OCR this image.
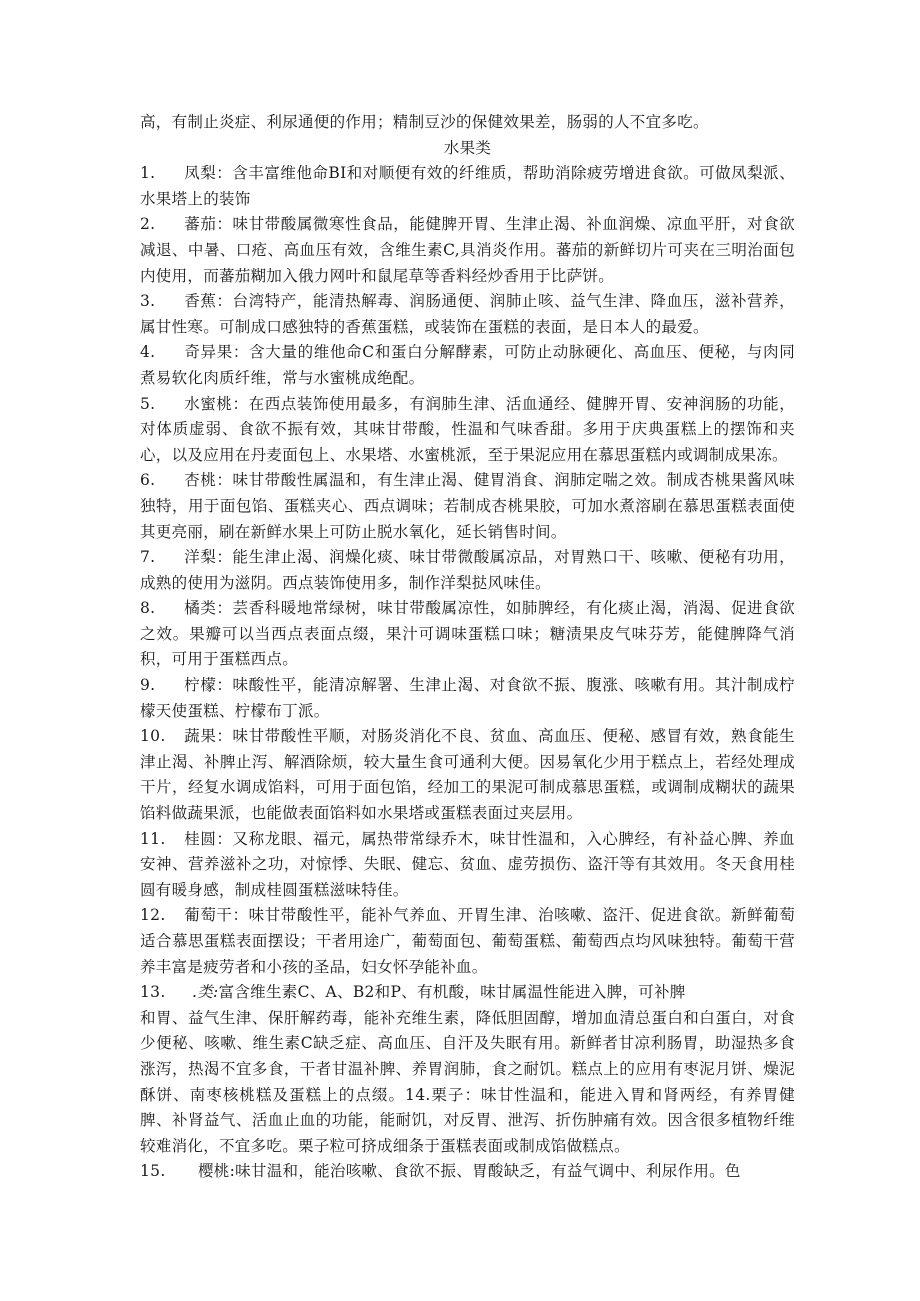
高，有制止炎症、利尿通便的作用；精制豆沙的保健效果差，肠弱的人不宜多吃。

水果类

1. 凤梨：含丰富维他命BI和对顺便有效的纤维质，帮助消除疲劳增进食欲。可做凤梨派、水果塔上的装饰

2. 蕃茄：味甘带酸属微寒性食品，能健脾开胃、生津止渴、补血润燥、凉血平肝，对食欲减退、中暑、口疮、高血压有效，含维生素C,具消炎作用。蕃茄的新鲜切片可夹在三明治面包内使用，而蕃茄糊加入俄力网叶和鼠尾草等香料经炒香用于比萨饼。

3. 香蕉：台湾特产，能清热解毒、润肠通便、润肺止咳、益气生津、降血压，滋补营养，属甘性寒。可制成口感独特的香蕉蛋糕，或装饰在蛋糕的表面，是日本人的最爱。

4. 奇异果：含大量的维他命C和蛋白分解酵素，可防止动脉硬化、高血压、便秘，与肉同煮易软化肉质纤维，常与水蜜桃成绝配。

5. 水蜜桃：在西点装饰使用最多，有润肺生津、活血通经、健脾开胃、安神润肠的功能，对体质虚弱、食欲不振有效，其味甘带酸，性温和气味香甜。多用于庆典蛋糕上的摆饰和夹心，以及应用在丹麦面包上、水果塔、水蜜桃派，至于果泥应用在慕思蛋糕内或调制成果冻。

6. 杏桃：味甘带酸性属温和，有生津止渴、健胃消食、润肺定喘之效。制成杏桃果酱风味独特，用于面包馅、蛋糕夹心、西点调味；若制成杏桃果胶，可加水煮溶刷在慕思蛋糕表面使其更亮丽，刷在新鲜水果上可防止脱水氧化，延长销售时间。

7. 洋梨：能生津止渴、润燥化痰、味甘带微酸属凉品，对胃熟口干、咳嗽、便秘有功用，成熟的使用为滋阴。西点装饰使用多，制作洋梨挞风味佳。

8. 橘类：芸香科暖地常绿树，味甘带酸属凉性，如肺脾经，有化痰止渴，消渴、促进食欲之效。果瓣可以当西点表面点缀，果汁可调味蛋糕口味；糖渍果皮气味芬芳，能健脾降气消积，可用于蛋糕西点。

9. 柠檬：味酸性平，能清凉解署、生津止渴、对食欲不振、腹涨、咳嗽有用。其汁制成柠檬天使蛋糕、柠檬布丁派。

10. 蔬果：味甘带酸性平顺，对肠炎消化不良、贫血、高血压、便秘、感冒有效，熟食能生津止渴、补脾止泻、解酒除烦，较大量生食可通利大便。因易氧化少用于糕点上，若经处理成干片，经复水调成馅料，可用于面包馅，经加工的果泥可制成慕思蛋糕，或调制成糊状的蔬果馅料做蔬果派，也能做表面馅料如水果塔或蛋糕表面过夹层用。

11. 桂圆：又称龙眼、福元，属热带常绿乔木，味甘性温和，入心脾经，有补益心脾、养血安神、营养滋补之功，对惊悸、失眠、健忘、贫血、虚劳损伤、盗汗等有其效用。冬天食用桂圆有暖身感，制成桂圆蛋糕滋味特佳。

12. 葡萄干：味甘带酸性平，能补气养血、开胃生津、治咳嗽、盗汗、促进食欲。新鲜葡萄适合慕思蛋糕表面摆设；干者用途广，葡萄面包、葡萄蛋糕、葡萄西点均风味独特。葡萄干营养丰富是疲劳者和小孩的圣品，妇女怀孕能补血。

13. .类:富含维生素C、A、B2和P、有机酸，味甘属温性能进入脾，可补脾

和胃、益气生津、保肝解药毒，能补充维生素，降低胆固醇，增加血清总蛋白和白蛋白，对食少便秘、咳嗽、维生素C缺乏症、高血压、自汗及失眠有用。新鲜者甘凉利肠胃，助湿热多食涨泻，热渴不宜多食，干者甘温补脾、养胃润肺，食之耐饥。糕点上的应用有枣泥月饼、燥泥酥饼、南枣核桃糕及蛋糕上的点缀。14.栗子：味甘性温和，能进入胃和肾两经，有养胃健脾、补肾益气、活血止血的功能，能耐饥，对反胃、泄泻、折伤肿痛有效。因含很多植物纤维较难消化，不宜多吃。栗子粒可挤成细条于蛋糕表面或制成馅做糕点。

15. 樱桃:味甘温和，能治咳嗽、食欲不振、胃酸缺乏，有益气调中、利尿作用。色
